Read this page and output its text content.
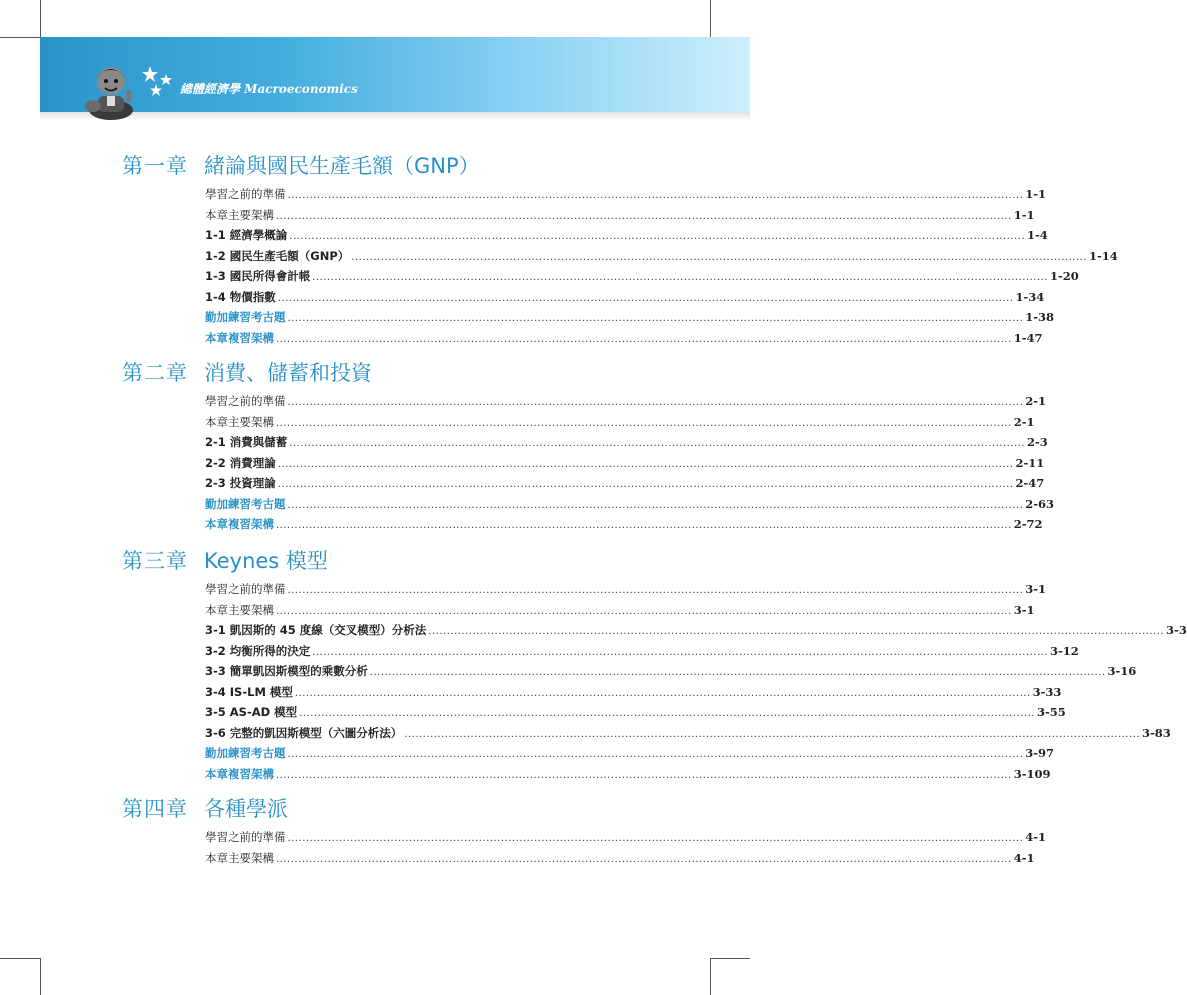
總體經濟學 Macroeconomics
第一章 緒論與國民生產毛額（GNP）
學習之前的準備 ........................................................................................................................................................................................................ 1-1
本章主要架構 ........................................................................................................................................................................................................ 1-1
1-1 經濟學概論 ........................................................................................................................................................................................................ 1-4
1-2 國民生產毛額（GNP） ........................................................................................................................................................................................................ 1-14
1-3 國民所得會計帳 ........................................................................................................................................................................................................ 1-20
1-4 物價指數 ........................................................................................................................................................................................................ 1-34
勤加練習考古題 ........................................................................................................................................................................................................ 1-38
本章複習架構 ........................................................................................................................................................................................................ 1-47
第二章 消費、儲蓄和投資
學習之前的準備 ........................................................................................................................................................................................................ 2-1
本章主要架構 ........................................................................................................................................................................................................ 2-1
2-1 消費與儲蓄 ........................................................................................................................................................................................................ 2-3
2-2 消費理論 ........................................................................................................................................................................................................ 2-11
2-3 投資理論 ........................................................................................................................................................................................................ 2-47
勤加練習考古題 ........................................................................................................................................................................................................ 2-63
本章複習架構 ........................................................................................................................................................................................................ 2-72
第三章 Keynes 模型
學習之前的準備 ........................................................................................................................................................................................................ 3-1
本章主要架構 ........................................................................................................................................................................................................ 3-1
3-1 凱因斯的 45 度線（交叉模型）分析法 ........................................................................................................................................................................................................ 3-3
3-2 均衡所得的決定 ........................................................................................................................................................................................................ 3-12
3-3 簡單凱因斯模型的乘數分析 ........................................................................................................................................................................................................ 3-16
3-4 IS-LM 模型 ........................................................................................................................................................................................................ 3-33
3-5 AS-AD 模型 ........................................................................................................................................................................................................ 3-55
3-6 完整的凱因斯模型（六圖分析法） ........................................................................................................................................................................................................ 3-83
勤加練習考古題 ........................................................................................................................................................................................................ 3-97
本章複習架構 ........................................................................................................................................................................................................ 3-109
第四章 各種學派
學習之前的準備 ........................................................................................................................................................................................................ 4-1
本章主要架構 ........................................................................................................................................................................................................ 4-1
